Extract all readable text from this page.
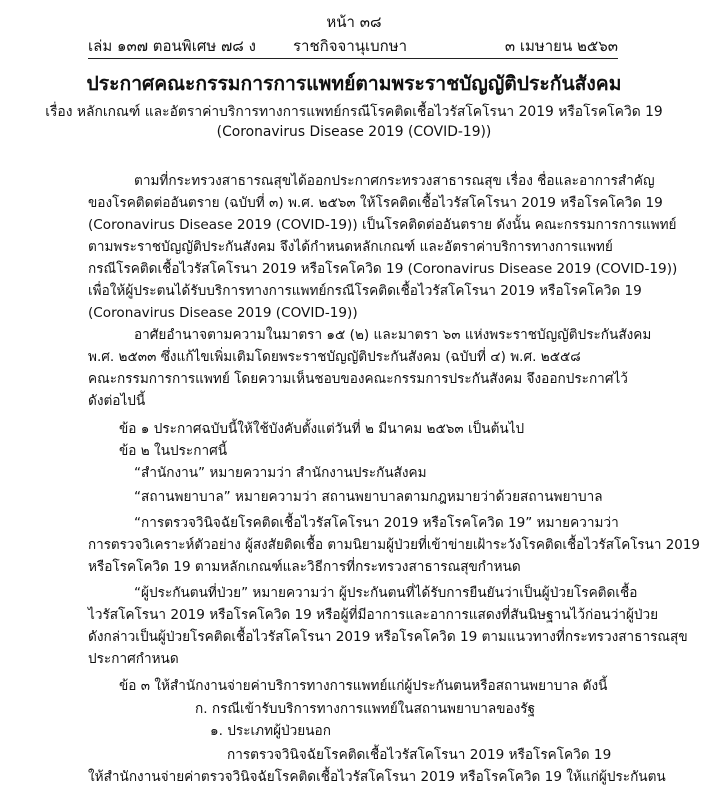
หน้า ๓๘
เล่ม ๑๓๗ ตอนพิเศษ ๗๘ ง ราชกิจจานุเบกษา	๓ เมษายน ๒๕๖๓
ประกาศคณะกรรมการการแพทย์ตามพระราชบัญญัติประกันสังคม
เรื่อง หลักเกณฑ์ และอัตราค่าบริการทางการแพทย์กรณีโรคติดเชื้อไวรัสโคโรนา 2019 หรือโรคโควิด 19
(Coronavirus Disease 2019 (COVID-19))
ตามที่กระทรวงสาธารณสุขได้ออกประกาศกระทรวงสาธารณสุข เรื่อง ชื่อและอาการสำคัญ
ของโรคติดต่ออันตราย (ฉบับที่ ๓) พ.ศ. ๒๕๖๓ ให้โรคติดเชื้อไวรัสโคโรนา 2019 หรือโรคโควิด 19
(Coronavirus Disease 2019 (COVID-19)) เป็นโรคติดต่ออันตราย ดังนั้น คณะกรรมการการแพทย์
ตามพระราชบัญญัติประกันสังคม จึงได้กำหนดหลักเกณฑ์ และอัตราค่าบริการทางการแพทย์
กรณีโรคติดเชื้อไวรัสโคโรนา 2019 หรือโรคโควิด 19 (Coronavirus Disease 2019 (COVID-19))
เพื่อให้ผู้ประตนได้รับบริการทางการแพทย์กรณีโรคติดเชื้อไวรัสโคโรนา 2019 หรือโรคโควิด 19
(Coronavirus Disease 2019 (COVID-19))
อาศัยอำนาจตามความในมาตรา ๑๕ (๒) และมาตรา ๖๓ แห่งพระราชบัญญัติประกันสังคม
พ.ศ. ๒๕๓๓ ซึ่งแก้ไขเพิ่มเติมโดยพระราชบัญญัติประกันสังคม (ฉบับที่ ๔) พ.ศ. ๒๕๕๘
คณะกรรมการการแพทย์ โดยความเห็นชอบของคณะกรรมการประกันสังคม จึงออกประกาศไว้
ดังต่อไปนี้
ข้อ ๑ ประกาศฉบับนี้ให้ใช้บังคับตั้งแต่วันที่ ๒ มีนาคม ๒๕๖๓ เป็นต้นไป
ข้อ ๒ ในประกาศนี้
“สำนักงาน” หมายความว่า สำนักงานประกันสังคม
“สถานพยาบาล” หมายความว่า สถานพยาบาลตามกฎหมายว่าด้วยสถานพยาบาล
“การตรวจวินิจฉัยโรคติดเชื้อไวรัสโคโรนา 2019 หรือโรคโควิด 19” หมายความว่า
การตรวจวิเคราะห์ตัวอย่าง ผู้สงสัยติดเชื้อ ตามนิยามผู้ป่วยที่เข้าข่ายเฝ้าระวังโรคติดเชื้อไวรัสโคโรนา 2019
หรือโรคโควิด 19 ตามหลักเกณฑ์และวิธีการที่กระทรวงสาธารณสุขกำหนด
“ผู้ประกันตนที่ป่วย” หมายความว่า ผู้ประกันตนที่ได้รับการยืนยันว่าเป็นผู้ป่วยโรคติดเชื้อ
ไวรัสโคโรนา 2019 หรือโรคโควิด 19 หรือผู้ที่มีอาการและอาการแสดงที่สันนิษฐานไว้ก่อนว่าผู้ป่วย
ดังกล่าวเป็นผู้ป่วยโรคติดเชื้อไวรัสโคโรนา 2019 หรือโรคโควิด 19 ตามแนวทางที่กระทรวงสาธารณสุข
ประกาศกำหนด
ข้อ ๓ ให้สำนักงานจ่ายค่าบริการทางการแพทย์แก่ผู้ประกันตนหรือสถานพยาบาล ดังนี้
ก. กรณีเข้ารับบริการทางการแพทย์ในสถานพยาบาลของรัฐ
๑. ประเภทผู้ป่วยนอก
การตรวจวินิจฉัยโรคติดเชื้อไวรัสโคโรนา 2019 หรือโรคโควิด 19
ให้สำนักงานจ่ายค่าตรวจวินิจฉัยโรคติดเชื้อไวรัสโคโรนา 2019 หรือโรคโควิด 19 ให้แก่ผู้ประกันตน
